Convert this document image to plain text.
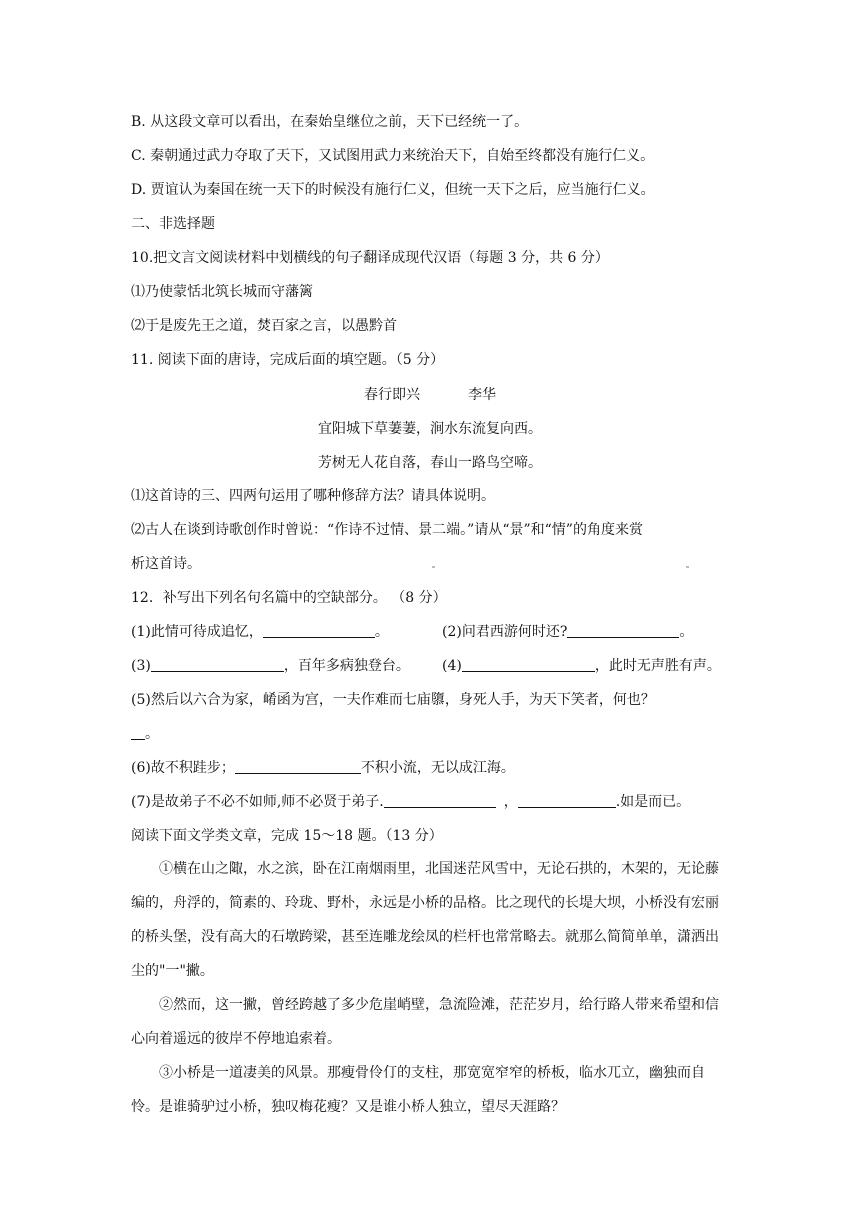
B. 从这段文章可以看出，在秦始皇继位之前，天下已经统一了。
C. 秦朝通过武力夺取了天下，又试图用武力来统治天下，自始至终都没有施行仁义。
D. 贾谊认为秦国在统一天下的时候没有施行仁义，但统一天下之后，应当施行仁义。
二、非选择题
10.把文言文阅读材料中划横线的句子翻译成现代汉语（每题 3 分，共 6 分）
⑴乃使蒙恬北筑长城而守藩篱
⑵于是废先王之道，焚百家之言，以愚黔首
11. 阅读下面的唐诗，完成后面的填空题。（5 分）
春行即兴	李华
宜阳城下草萋萋，涧水东流复向西。
芳树无人花自落，春山一路鸟空啼。
⑴这首诗的三、四两句运用了哪种修辞方法？请具体说明。
⑵古人在谈到诗歌创作时曾说：“作诗不过情、景二端。”请从“景”和“情”的角度来赏
析这首诗。
12．补写出下列名句名篇中的空缺部分。 （8 分）
(1)此情可待成追忆，	。	(2)问君西游何时还?	。
(3)	，百年多病独登台。 (4)	，此时无声胜有声。
(5)然后以六合为家，崤函为宫，一夫作难而七庙隳，身死人手，为天下笑者，何也？
。
(6)故不积跬步；	不积小流，无以成江海。
(7)是故弟子不必不如师,师不必贤于弟子.	，	.如是而已。
阅读下面文学类文章，完成 15～18 题。（13 分）
①横在山之陬，水之滨，卧在江南烟雨里，北国迷茫风雪中，无论石拱的，木架的，无论藤编的，舟浮的，简素的、玲珑、野朴，永远是小桥的品格。比之现代的长堤大坝，小桥没有宏丽的桥头堡，没有高大的石墩跨梁，甚至连雕龙绘凤的栏杆也常常略去。就那么简简单单，潇洒出尘的"一"撇。
②然而，这一撇，曾经跨越了多少危崖峭壁，急流险滩，茫茫岁月，给行路人带来希望和信心向着遥远的彼岸不停地追索着。
③小桥是一道凄美的风景。那瘦骨伶仃的支柱，那宽宽窄窄的桥板，临水兀立，幽独而自怜。是谁骑驴过小桥，独叹梅花瘦？又是谁小桥人独立，望尽天涯路？
